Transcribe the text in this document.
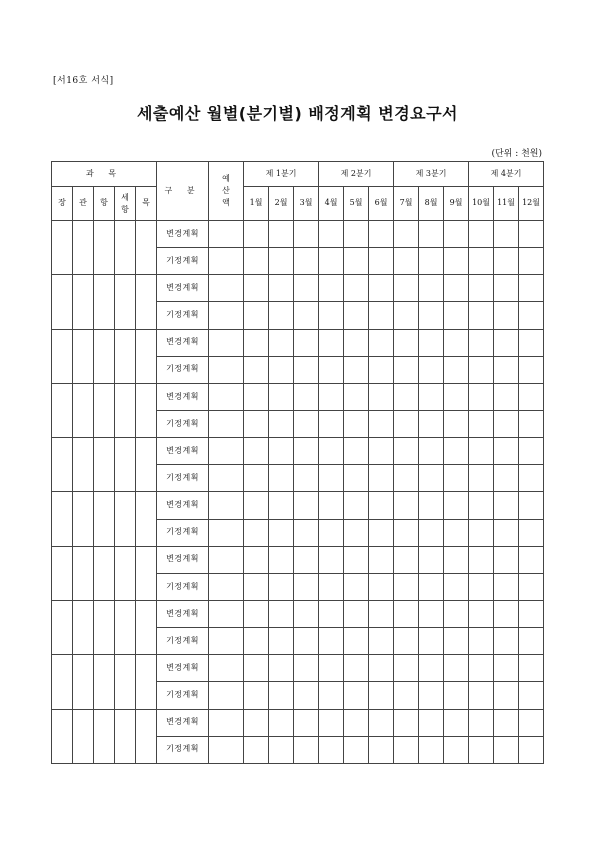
[서16호 서식]
세출예산 월별(분기별) 배정계획 변경요구서
(단위 : 천원)
과 목					구 분	예산액	제 1분기			제 2분기			제 3분기			제 4분기		
장	관	항	세항	목			1월	2월	3월	4월	5월	6월	7월	8월	9월	10월	11월	12월
					변경계획													
					기정계획													
					변경계획													
					기정계획													
					변경계획													
					기정계획													
					변경계획													
					기정계획													
					변경계획													
					기정계획													
					변경계획													
					기정계획													
					변경계획													
					기정계획													
					변경계획													
					기정계획													
					변경계획													
					기정계획													
					변경계획													
					기정계획													
